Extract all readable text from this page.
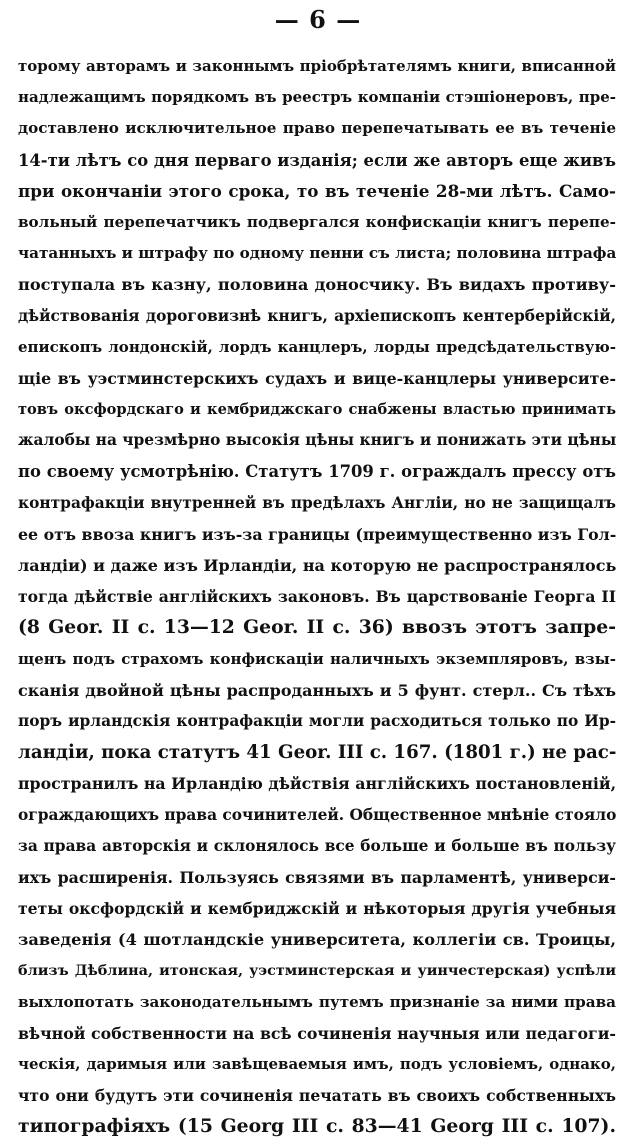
— 6 —
торому авторамъ и законнымъ пріобрѣтателямъ книги, вписанной
надлежащимъ порядкомъ въ реестръ компаніи стэшіонеровъ, пре-
доставлено исключительное право перепечатывать ее въ теченіе
14-ти лѣтъ со дня перваго изданія; если же авторъ еще живъ
при окончаніи этого срока, то въ теченіе 28-ми лѣтъ. Само-
вольный перепечатчикъ подвергался конфискаціи книгъ перепе-
чатанныхъ и штрафу по одному пенни съ листа; половина штрафа
поступала въ казну, половина доносчику. Въ видахъ противу-
дѣйствованія дороговизнѣ книгъ, архіепископъ кентерберійскій,
епископъ лондонскій, лордъ канцлеръ, лорды предсѣдательствую-
щіе въ уэстминстерскихъ судахъ и вице-канцлеры университе-
товъ оксфордскаго и кембриджскаго снабжены властью принимать
жалобы на чрезмѣрно высокія цѣны книгъ и понижать эти цѣны
по своему усмотрѣнію. Статутъ 1709 г. ограждалъ прессу отъ
контрафакціи внутренней въ предѣлахъ Англіи, но не защищалъ
ее отъ ввоза книгъ изъ-за границы (преимущественно изъ Гол-
ландіи) и даже изъ Ирландіи, на которую не распространялось
тогда дѣйствіе англійскихъ законовъ. Въ царствованіе Георга II
(8 Geor. II c. 13—12 Geor. II c. 36) ввозъ этотъ запре-
щенъ подъ страхомъ конфискаціи наличныхъ экземпляровъ, взы-
сканія двойной цѣны распроданныхъ и 5 фунт. стерл.. Съ тѣхъ
поръ ирландскія контрафакціи могли расходиться только по Ир-
ландіи, пока статутъ 41 Geor. III c. 167. (1801 г.) не рас-
пространилъ на Ирландію дѣйствія англійскихъ постановленій,
ограждающихъ права сочинителей. Общественное мнѣніе стояло
за права авторскія и склонялось все больше и больше въ пользу
ихъ расширенія. Пользуясь связями въ парламентѣ, универси-
теты оксфордскій и кембриджскій и нѣкоторыя другія учебныя
заведенія (4 шотландскіе университета, коллегіи св. Троицы,
близъ Дѣблина, итонская, уэстминстерская и уинчестерская) успѣли
выхлопотать законодательнымъ путемъ признаніе за ними права
вѣчной собственности на всѣ сочиненія научныя или педагоги-
ческія, даримыя или завѣщеваемыя имъ, подъ условіемъ, однако,
что они будутъ эти сочиненія печатать въ своихъ собственныхъ
типографіяхъ (15 Georg III c. 83—41 Georg III c. 107).
